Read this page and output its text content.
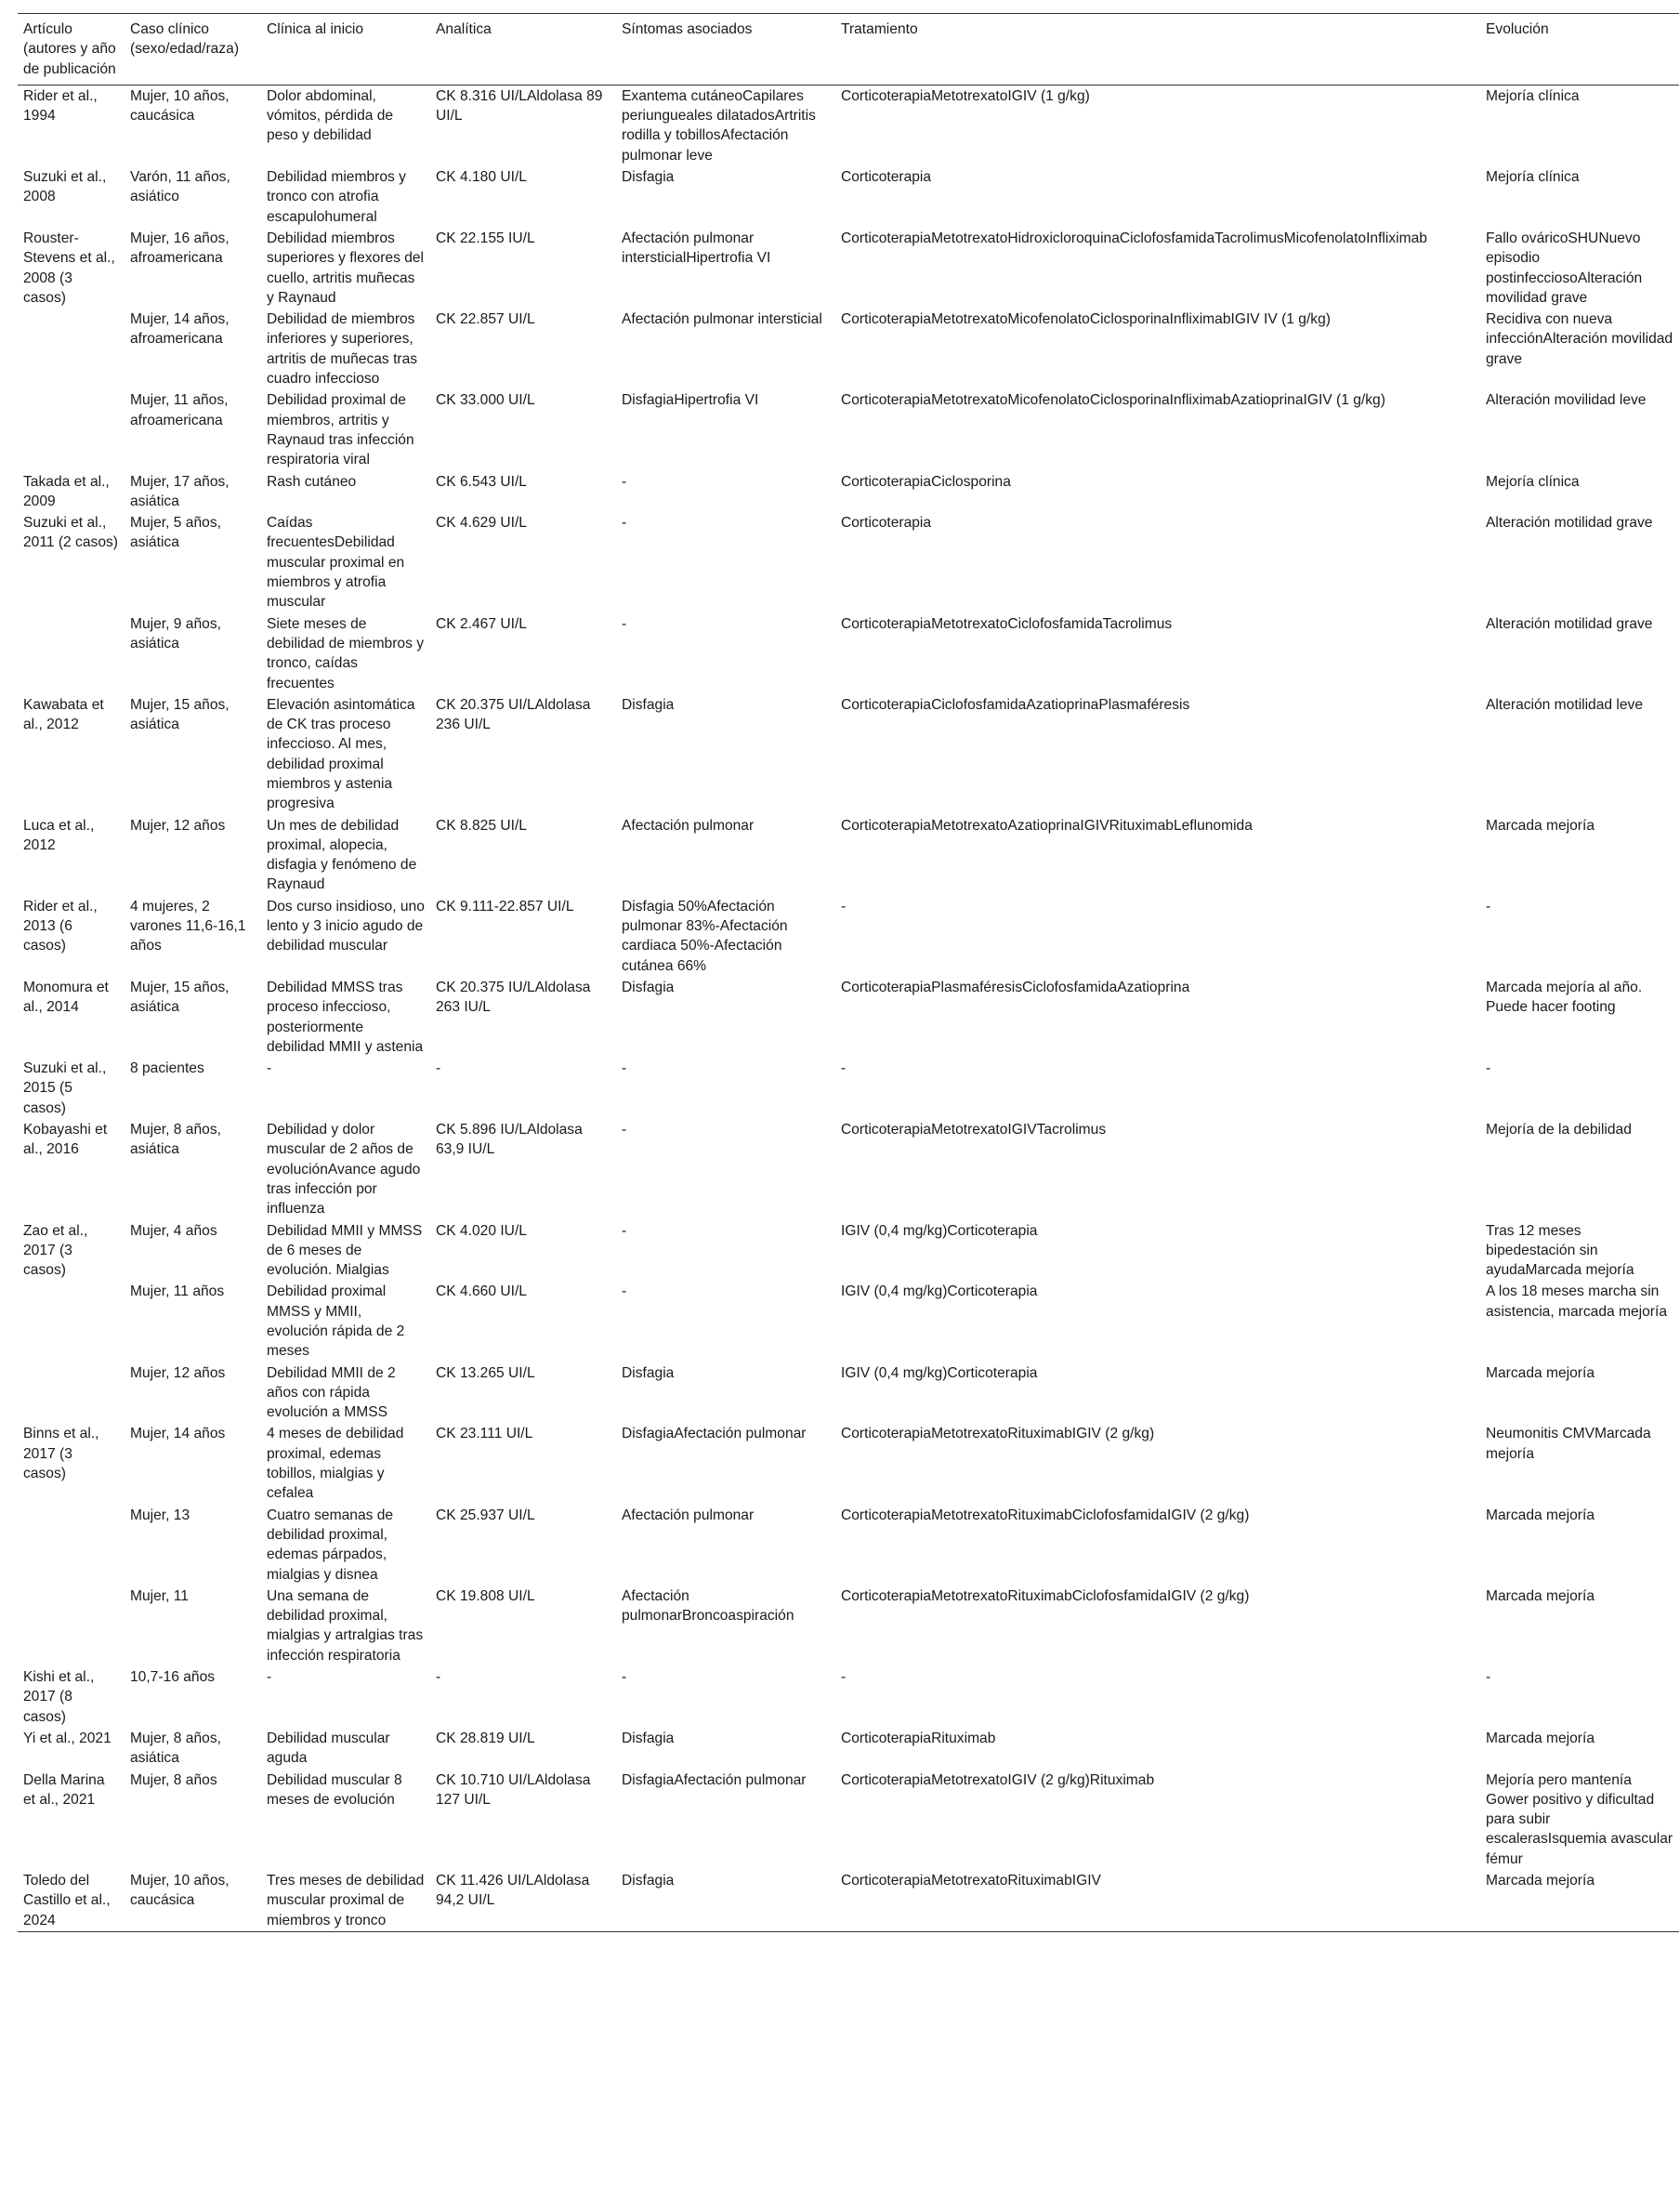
Artículo (autores y año de publicación	Caso clínico (sexo/edad/raza)	Clínica al inicio	Analítica	Síntomas asociados	Tratamiento	Evolución
Rider et al., 1994	Mujer, 10 años, caucásica	Dolor abdominal, vómitos, pérdida de peso y debilidad	CK 8.316 UI/LAldolasa 89 UI/L	Exantema cutáneoCapilares periungueales dilatadosArtritis rodilla y tobillosAfectación pulmonar leve	CorticoterapiaMetotrexatoIGIV (1 g/kg)	Mejoría clínica
Suzuki et al., 2008	Varón, 11 años, asiático	Debilidad miembros y tronco con atrofia escapulohumeral	CK 4.180 UI/L	Disfagia	Corticoterapia	Mejoría clínica
Rouster-Stevens et al., 2008 (3 casos)	Mujer, 16 años, afroamericana	Debilidad miembros superiores y flexores del cuello, artritis muñecas y Raynaud	CK 22.155 IU/L	Afectación pulmonar intersticialHipertrofia VI	CorticoterapiaMetotrexatoHidroxicloroquinaCiclofosfamidaTacrolimusMicofenolatoInfliximab	Fallo ováricoSHUNuevo episodio postinfecciosoAlteración movilidad grave
	Mujer, 14 años, afroamericana	Debilidad de miembros inferiores y superiores, artritis de muñecas tras cuadro infeccioso	CK 22.857 UI/L	Afectación pulmonar intersticial	CorticoterapiaMetotrexatoMicofenolatoCiclosporinaInfliximabIGIV IV (1 g/kg)	Recidiva con nueva infecciónAlteración movilidad grave
	Mujer, 11 años, afroamericana	Debilidad proximal de miembros, artritis y Raynaud tras infección respiratoria viral	CK 33.000 UI/L	DisfagiaHipertrofia VI	CorticoterapiaMetotrexatoMicofenolatoCiclosporinaInfliximabAzatioprinaIGIV (1 g/kg)	Alteración movilidad leve
Takada et al., 2009	Mujer, 17 años, asiática	Rash cutáneo	CK 6.543 UI/L	-	CorticoterapiaCiclosporina	Mejoría clínica
Suzuki et al., 2011 (2 casos)	Mujer, 5 años, asiática	Caídas frecuentesDebilidad muscular proximal en miembros y atrofia muscular	CK 4.629 UI/L	-	Corticoterapia	Alteración motilidad grave
	Mujer, 9 años, asiática	Siete meses de debilidad de miembros y tronco, caídas frecuentes	CK 2.467 UI/L	-	CorticoterapiaMetotrexatoCiclofosfamidaTacrolimus	Alteración motilidad grave
Kawabata et al., 2012	Mujer, 15 años, asiática	Elevación asintomática de CK tras proceso infeccioso. Al mes, debilidad proximal miembros y astenia progresiva	CK 20.375 UI/LAldolasa 236 UI/L	Disfagia	CorticoterapiaCiclofosfamidaAzatioprinaPlasmaféresis	Alteración motilidad leve
Luca et al., 2012	Mujer, 12 años	Un mes de debilidad proximal, alopecia, disfagia y fenómeno de Raynaud	CK 8.825 UI/L	Afectación pulmonar	CorticoterapiaMetotrexatoAzatioprinaIGIVRituximabLeflunomida	Marcada mejoría
Rider et al., 2013 (6 casos)	4 mujeres, 2 varones 11,6-16,1 años	Dos curso insidioso, uno lento y 3 inicio agudo de debilidad muscular	CK 9.111-22.857 UI/L	Disfagia 50%Afectación pulmonar 83%-Afectación cardiaca 50%-Afectación cutánea 66%	-	-
Monomura et al., 2014	Mujer, 15 años, asiática	Debilidad MMSS tras proceso infeccioso, posteriormente debilidad MMII y astenia	CK 20.375 IU/LAldolasa 263 IU/L	Disfagia	CorticoterapiaPlasmaféresisCiclofosfamidaAzatioprina	Marcada mejoría al año. Puede hacer footing
Suzuki et al., 2015 (5 casos)	8 pacientes	-	-	-	-	-
Kobayashi et al., 2016	Mujer, 8 años, asiática	Debilidad y dolor muscular de 2 años de evoluciónAvance agudo tras infección por influenza	CK 5.896 IU/LAldolasa 63,9 IU/L	-	CorticoterapiaMetotrexatoIGIVTacrolimus	Mejoría de la debilidad
Zao et al., 2017 (3 casos)	Mujer, 4 años	Debilidad MMII y MMSS de 6 meses de evolución. Mialgias	CK 4.020 IU/L	-	IGIV (0,4 mg/kg)Corticoterapia	Tras 12 meses bipedestación sin ayudaMarcada mejoría
	Mujer, 11 años	Debilidad proximal MMSS y MMII, evolución rápida de 2 meses	CK 4.660 UI/L	-	IGIV (0,4 mg/kg)Corticoterapia	A los 18 meses marcha sin asistencia, marcada mejoría
	Mujer, 12 años	Debilidad MMII de 2 años con rápida evolución a MMSS	CK 13.265 UI/L	Disfagia	IGIV (0,4 mg/kg)Corticoterapia	Marcada mejoría
Binns et al., 2017 (3 casos)	Mujer, 14 años	4 meses de debilidad proximal, edemas tobillos, mialgias y cefalea	CK 23.111 UI/L	DisfagiaAfectación pulmonar	CorticoterapiaMetotrexatoRituximabIGIV (2 g/kg)	Neumonitis CMVMarcada mejoría
	Mujer, 13	Cuatro semanas de debilidad proximal, edemas párpados, mialgias y disnea	CK 25.937 UI/L	Afectación pulmonar	CorticoterapiaMetotrexatoRituximabCiclofosfamidaIGIV (2 g/kg)	Marcada mejoría
	Mujer, 11	Una semana de debilidad proximal, mialgias y artralgias tras infección respiratoria	CK 19.808 UI/L	Afectación pulmonarBroncoaspiración	CorticoterapiaMetotrexatoRituximabCiclofosfamidaIGIV (2 g/kg)	Marcada mejoría
Kishi et al., 2017 (8 casos)	10,7-16 años	-	-	-	-	-
Yi et al., 2021	Mujer, 8 años, asiática	Debilidad muscular aguda	CK 28.819 UI/L	Disfagia	CorticoterapiaRituximab	Marcada mejoría
Della Marina et al., 2021	Mujer, 8 años	Debilidad muscular 8 meses de evolución	CK 10.710 UI/LAldolasa 127 UI/L	DisfagiaAfectación pulmonar	CorticoterapiaMetotrexatoIGIV (2 g/kg)Rituximab	Mejoría pero mantenía Gower positivo y dificultad para subir escalerasIsquemia avascular fémur
Toledo del Castillo et al., 2024	Mujer, 10 años, caucásica	Tres meses de debilidad muscular proximal de miembros y tronco	CK 11.426 UI/LAldolasa 94,2 UI/L	Disfagia	CorticoterapiaMetotrexatoRituximabIGIV	Marcada mejoría
